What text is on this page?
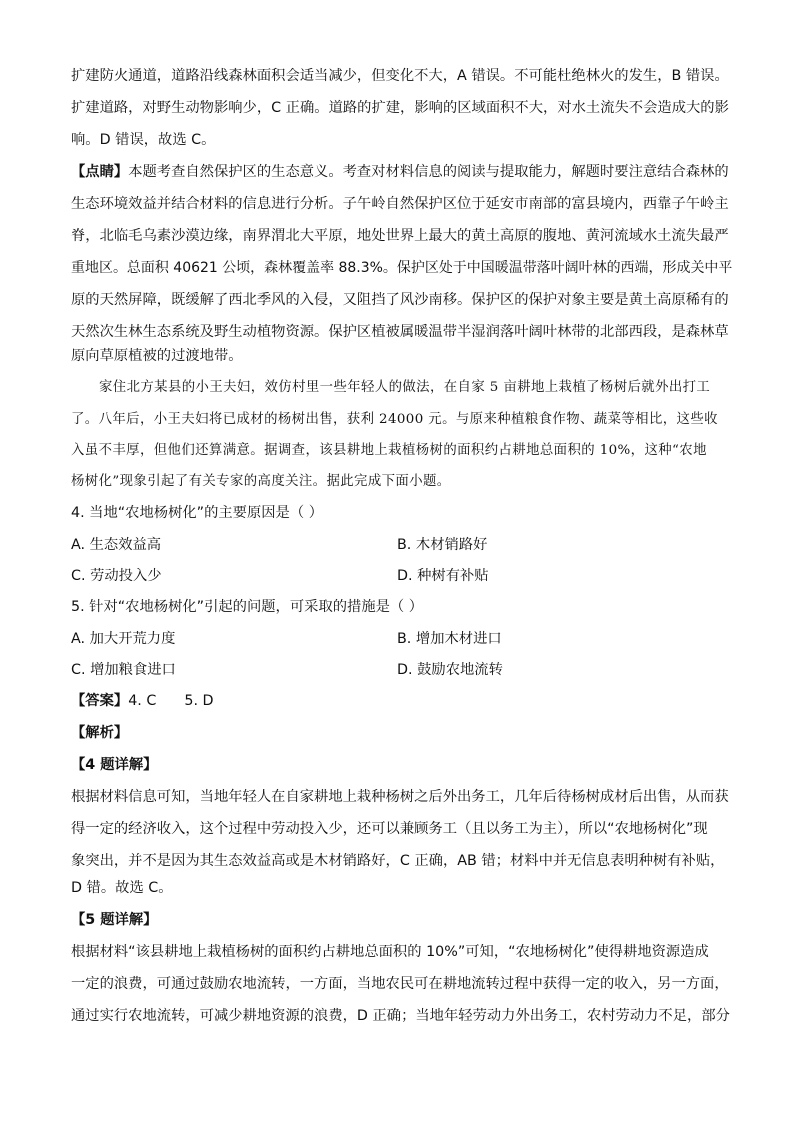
扩建防火通道，道路沿线森林面积会适当减少，但变化不大，A 错误。不可能杜绝林火的发生，B 错误。
扩建道路，对野生动物影响少，C 正确。道路的扩建，影响的区域面积不大，对水土流失不会造成大的影
响。D 错误，故选 C。
【点睛】本题考查自然保护区的生态意义。考查对材料信息的阅读与提取能力，解题时要注意结合森林的
生态环境效益并结合材料的信息进行分析。子午岭自然保护区位于延安市南部的富县境内，西靠子午岭主
脊，北临毛乌素沙漠边缘，南界渭北大平原，地处世界上最大的黄土高原的腹地、黄河流域水土流失最严
重地区。总面积 40621 公顷，森林覆盖率 88.3%。保护区处于中国暖温带落叶阔叶林的西端，形成关中平
原的天然屏障，既缓解了西北季风的入侵，又阻挡了风沙南移。保护区的保护对象主要是黄土高原稀有的
天然次生林生态系统及野生动植物资源。保护区植被属暖温带半湿润落叶阔叶林带的北部西段，是森林草
原向草原植被的过渡地带。
家住北方某县的小王夫妇，效仿村里一些年轻人的做法，在自家 5 亩耕地上栽植了杨树后就外出打工
了。八年后，小王夫妇将已成材的杨树出售，获利 24000 元。与原来种植粮食作物、蔬菜等相比，这些收
入虽不丰厚，但他们还算满意。据调查，该县耕地上栽植杨树的面积约占耕地总面积的 10%，这种“农地
杨树化”现象引起了有关专家的高度关注。据此完成下面小题。
4. 当地“农地杨树化”的主要原因是（ ）
A. 生态效益高	B. 木材销路好
C. 劳动投入少	D. 种树有补贴
5. 针对“农地杨树化”引起的问题，可采取的措施是（ ）
A. 加大开荒力度	B. 增加木材进口
C. 增加粮食进口	D. 鼓励农地流转
【答案】4. C 5. D
【解析】
【4 题详解】
根据材料信息可知，当地年轻人在自家耕地上栽种杨树之后外出务工，几年后待杨树成材后出售，从而获
得一定的经济收入，这个过程中劳动投入少，还可以兼顾务工（且以务工为主），所以“农地杨树化”现
象突出，并不是因为其生态效益高或是木材销路好，C 正确，AB 错；材料中并无信息表明种树有补贴，
D 错。故选 C。
【5 题详解】
根据材料“该县耕地上栽植杨树的面积约占耕地总面积的 10%”可知，“农地杨树化”使得耕地资源造成
一定的浪费，可通过鼓励农地流转，一方面，当地农民可在耕地流转过程中获得一定的收入，另一方面，
通过实行农地流转，可减少耕地资源的浪费，D 正确；当地年轻劳动力外出务工，农村劳动力不足，部分
